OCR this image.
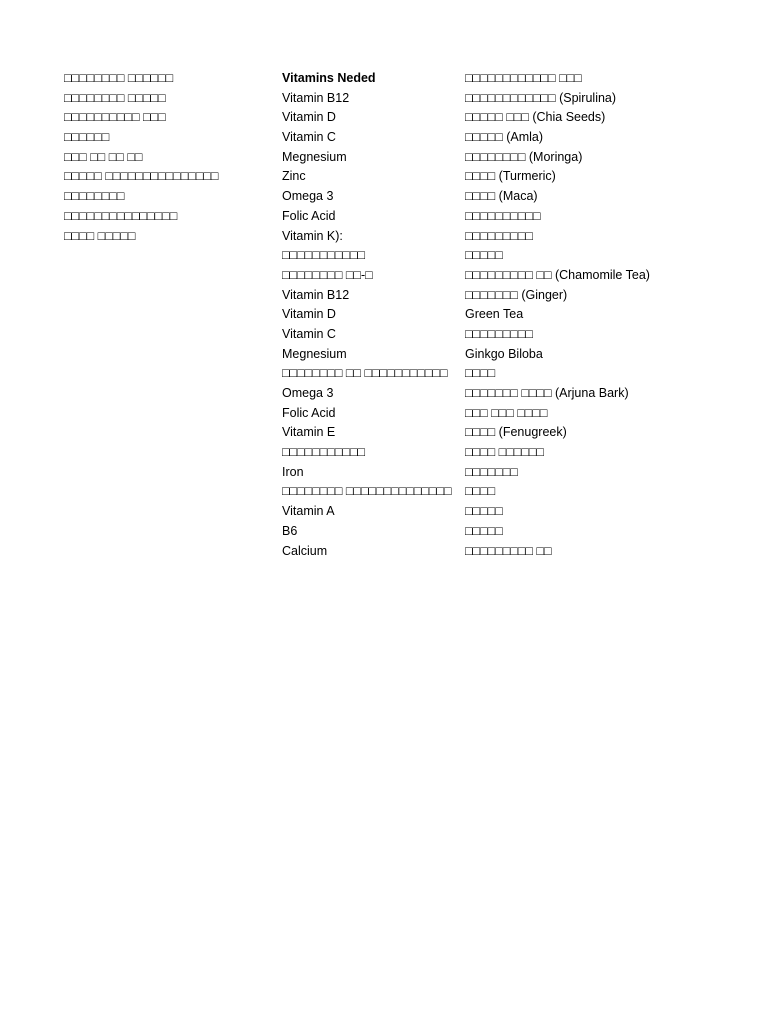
□□□□□□□□ □□□□□□
□□□□□□□□ □□□□□
□□□□□□□□□□ □□□
□□□□□□
□□□ □□ □□ □□
□□□□□ □□□□□□□□□□□□□□□
□□□□□□□□
□□□□□□□□□□□□□□□
□□□□ □□□□□
Vitamins Neded
Vitamin B12
Vitamin D
Vitamin C
Megnesium
Zinc
Omega 3
Folic Acid
Vitamin K):
□□□□□□□□□□□
□□□□□□□□ □□-□
Vitamin B12
Vitamin D
Vitamin C
Megnesium
□□□□□□□□ □□ □□□□□□□□□□□
Omega 3
Folic Acid
Vitamin E
□□□□□□□□□□□
Iron
□□□□□□□□ □□□□□□□□□□□□□□
Vitamin A
B6
Calcium
□□□□□□□□□□□□ □□□
□□□□□□□□□□□□ (Spirulina)
□□□□□ □□□ (Chia Seeds)
□□□□□ (Amla)
□□□□□□□□ (Moringa)
□□□□ (Turmeric)
□□□□ (Maca)
□□□□□□□□□□
□□□□□□□□□
□□□□□
□□□□□□□□□ □□ (Chamomile Tea)
□□□□□□□ (Ginger)
Green Tea
□□□□□□□□□
Ginkgo Biloba
□□□□
□□□□□□□ □□□□ (Arjuna Bark)
□□□ □□□ □□□□
□□□□ (Fenugreek)
□□□□ □□□□□□
□□□□□□□
□□□□
□□□□□
□□□□□
□□□□□□□□□ □□
